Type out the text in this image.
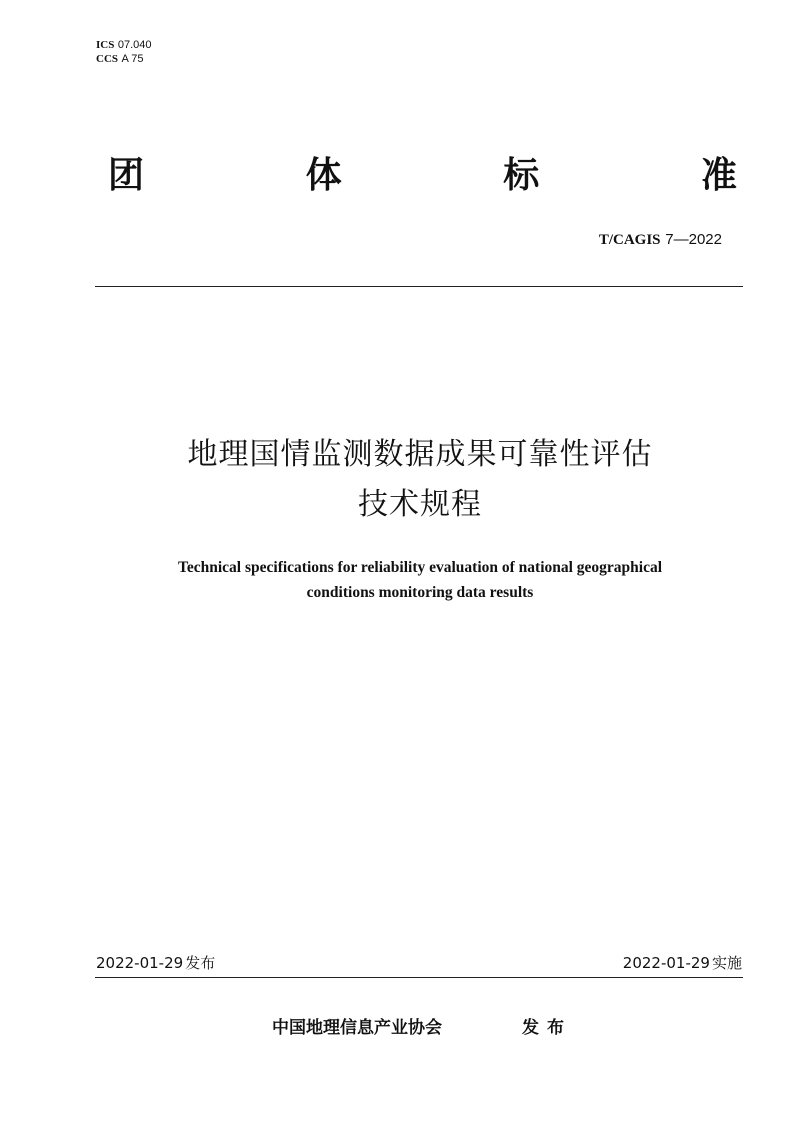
ICS 07.040
CCS A 75
团	体	标	准
T/CAGIS 7—2022
地理国情监测数据成果可靠性评估
技术规程
Technical specifications for reliability evaluation of national geographical
conditions monitoring data results
2022-01-29 发布	2022-01-29 实施
中国地理信息产业协会	发布
